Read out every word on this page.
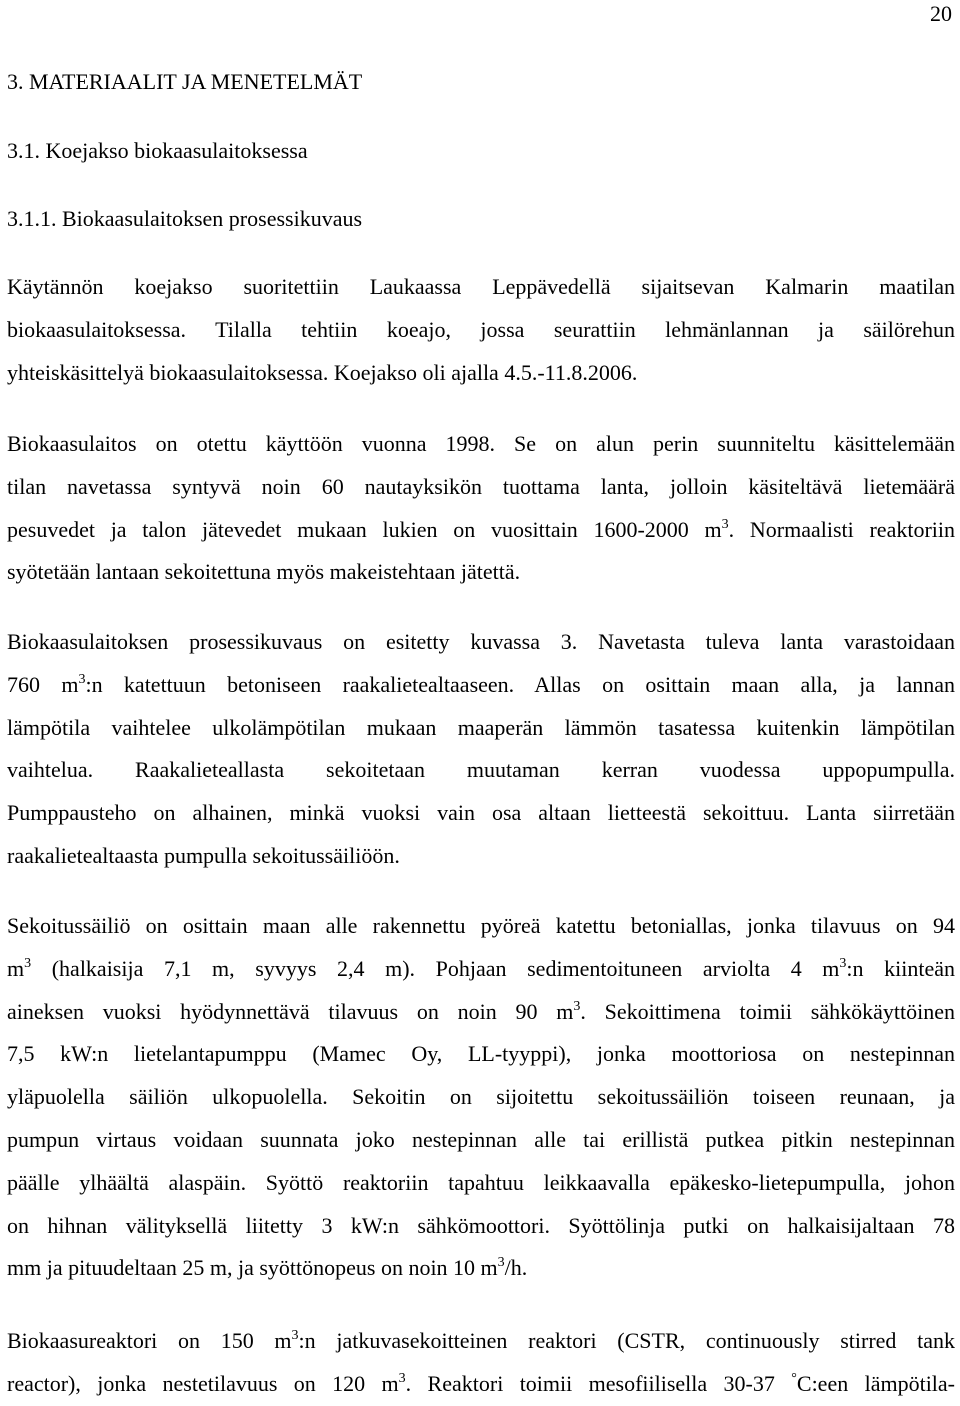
20
3. MATERIAALIT JA MENETELMÄT
3.1. Koejakso biokaasulaitoksessa
3.1.1. Biokaasulaitoksen prosessikuvaus
Käytännön koejakso suoritettiin Laukaassa Leppävedellä sijaitsevan Kalmarin maatilan
biokaasulaitoksessa. Tilalla tehtiin koeajo, jossa seurattiin lehmänlannan ja säilörehun
yhteiskäsittelyä biokaasulaitoksessa. Koejakso oli ajalla 4.5.-11.8.2006.
Biokaasulaitos on otettu käyttöön vuonna 1998. Se on alun perin suunniteltu käsittelemään
tilan navetassa syntyvä noin 60 nautayksikön tuottama lanta, jolloin käsiteltävä lietemäärä
pesuvedet ja talon jätevedet mukaan lukien on vuosittain 1600-2000 $m^3$. Normaalisti reaktoriin
syötetään lantaan sekoitettuna myös makeistehtaan jätettä.
Biokaasulaitoksen prosessikuvaus on esitetty kuvassa 3. Navetasta tuleva lanta varastoidaan
760 $m^3:n$ katettuun betoniseen raakalietealtaaseen. Allas on osittain maan alla, ja lannan
lämpötila vaihtelee ulkolämpötilan mukaan maaperän lämmön tasatessa kuitenkin lämpötilan
vaihtelua. Raakalieteallasta sekoitetaan muutaman kerran vuodessa uppopumpulla.
Pumppausteho on alhainen, minkä vuoksi vain osa altaan lietteestä sekoittuu. Lanta siirretään
raakalietealtaasta pumpulla sekoitussäiliöön.
Sekoitussäiliö on osittain maan alle rakennettu pyöreä katettu betoniallas, jonka tilavuus on 94
$m^3$ (halkaisija 7,1 m, syvyys 2,4 m). Pohjaan sedimentoituneen arviolta 4 $m^3:n$ kiinteän
aineksen vuoksi hyödynnettävä tilavuus on noin 90 $m^3$. Sekoittimena toimii sähkökäyttöinen
7,5 kW:n lietelantapumppu (Mamec Oy, LL-tyyppi), jonka moottoriosa on nestepinnan
yläpuolella säiliön ulkopuolella. Sekoitin on sijoitettu sekoitussäiliön toiseen reunaan, ja
pumpun virtaus voidaan suunnata joko nestepinnan alle tai erillistä putkea pitkin nestepinnan
päälle ylhäältä alaspäin. Syöttö reaktoriin tapahtuu leikkaavalla epäkesko-lietepumpulla, johon
on hihnan välityksellä liitetty 3 kW:n sähkömoottori. Syöttölinja putki on halkaisijaltaan 78
mm ja pituudeltaan 25 m, ja syöttönopeus on noin 10 $m^3/h$.
Biokaasureaktori on 150 $m^3:n$ jatkuvasekoitteinen reaktori (CSTR, continuously stirred tank
reactor), jonka nestetilavuus on 120 $m^3$. Reaktori toimii mesofiilisella 30-37 °C:een lämpötila-
